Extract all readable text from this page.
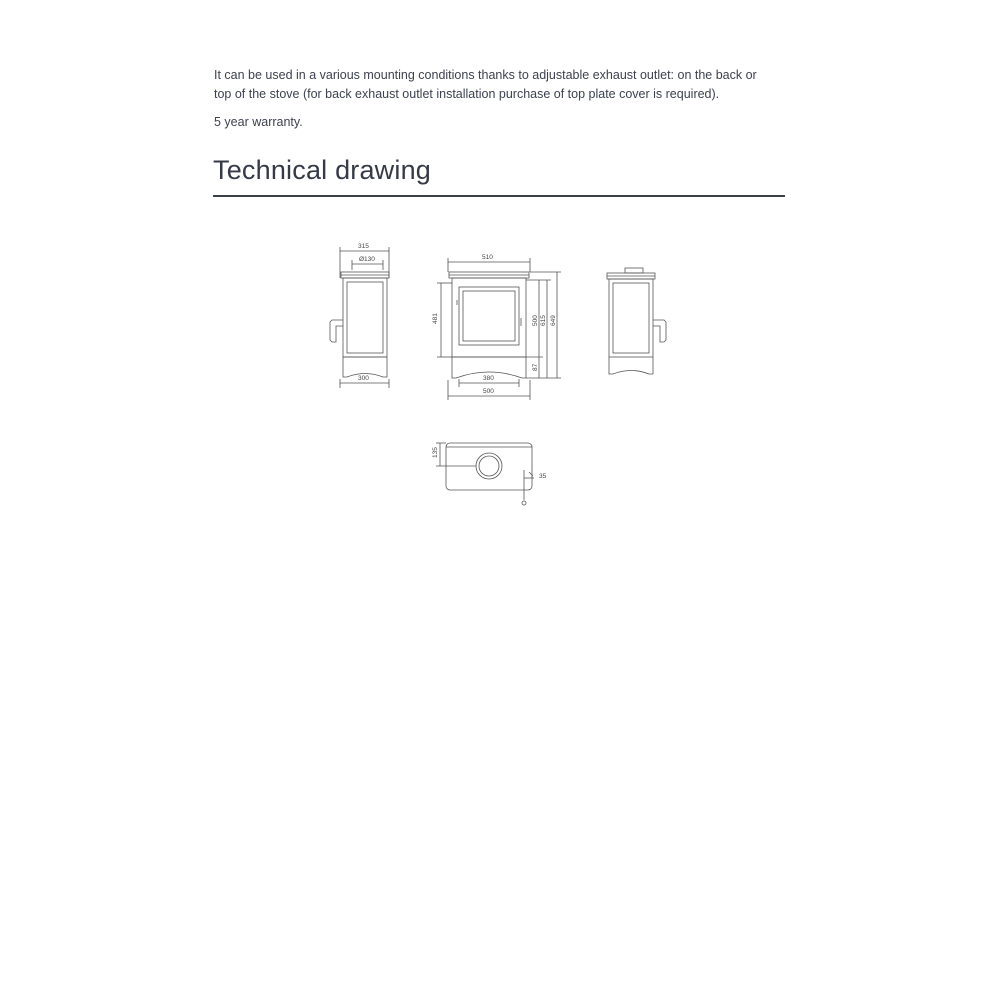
It can be used in a various mounting conditions thanks to adjustable exhaust outlet: on the back or
top of the stove (for back exhaust outlet installation purchase of top plate cover is required).

5 year warranty.

Technical drawing
315
Ø130
300
510
481	500 615 649
87
380
500
135
35
